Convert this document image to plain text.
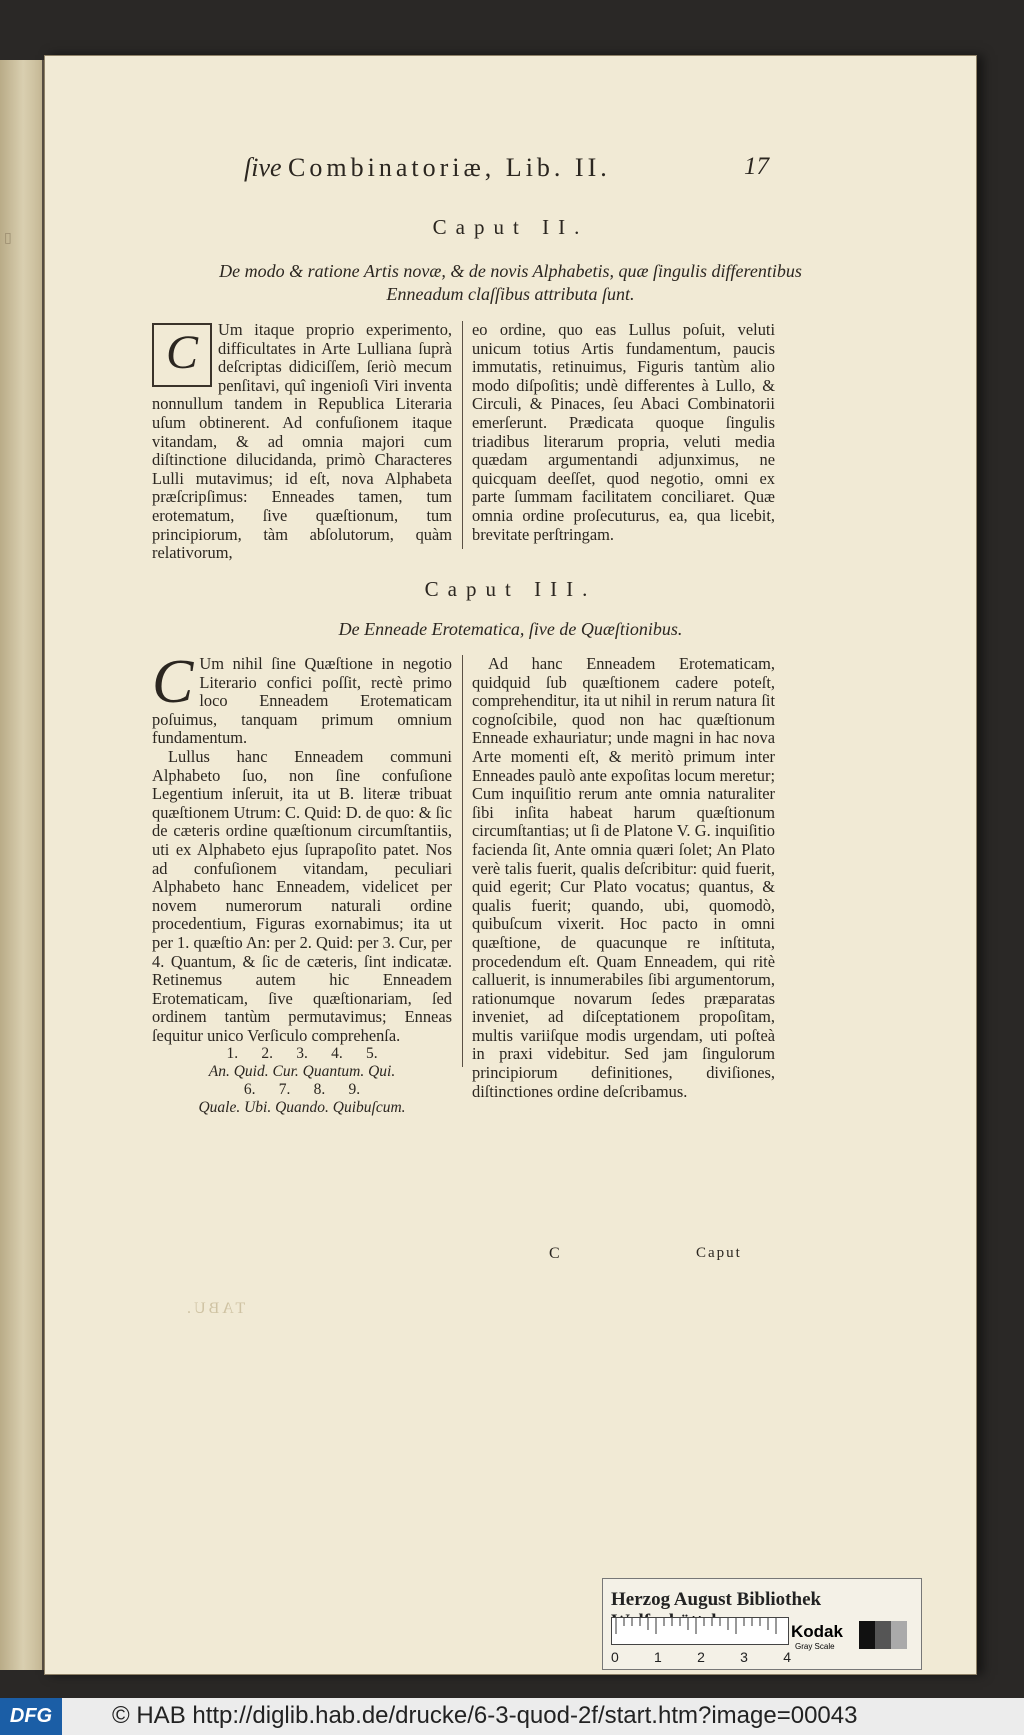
▯
ſive Combinatoriæ, Lib. II.	17
Caput II.
De modo & ratione Artis novæ, & de novis Alphabetis, quæ ſingulis differentibus
Enneadum claſſibus attributa ſunt.
C	Um itaque proprio experimento, difficultates in Arte Lulliana ſuprà deſcriptas didiciſſem, ſeriò mecum penſitavi, quî ingenioſi Viri inventa nonnullum tandem in Republica Literaria uſum obtinerent. Ad confuſionem itaque vitandam, & ad omnia majori cum diſtinctione dilucidanda, primò Characteres Lulli mutavimus; id eſt, nova Alphabeta præſcripſimus: Enneades tamen, tum erotematum, ſive quæſtionum, tum principiorum, tàm abſolutorum, quàm relativorum,

eo ordine, quo eas Lullus poſuit, veluti unicum totius Artis fundamentum, paucis immutatis, retinuimus, Figuris tantùm alio modo diſpoſitis; undè differentes à Lullo, & Circuli, & Pinaces, ſeu Abaci Combinatorii emerſerunt. Prædicata quoque ſingulis triadibus literarum propria, veluti media quædam argumentandi adjunximus, ne quicquam deeſſet, quod negotio, omni ex parte ſummam facilitatem conciliaret. Quæ omnia ordine proſecuturus, ea, qua licebit, brevitate perſtringam.

Caput III.
De Enneade Erotematica, ſive de Quæſtionibus.
C Um nihil ſine Quæſtione in negotio Literario confici poſſit, rectè primo loco Enneadem Erotematicam poſuimus, tanquam primum omnium fundamentum.

Lullus hanc Enneadem communi Alphabeto ſuo, non ſine confuſione Legentium inſeruit, ita ut B. literæ tribuat quæſtionem Utrum: C. Quid: D. de quo: & ſic de cæteris ordine quæſtionum circumſtantiis, uti ex Alphabeto ejus ſuprapoſito patet. Nos ad confuſionem vitandam, peculiari Alphabeto hanc Enneadem, videlicet per novem numerorum naturali ordine procedentium, Figuras exornabimus; ita ut per 1. quæſtio An: per 2. Quid: per 3. Cur, per 4. Quantum, & ſic de cæteris, ſint indicatæ. Retinemus autem hic Enneadem Erotematicam, ſive quæſtionariam, ſed ordinem tantùm permutavimus; Enneas ſequitur unico Verſiculo comprehenſa.

1.      2.      3.      4.      5.
An. Quid. Cur. Quantum. Qui.
6.      7.      8.      9.
Quale. Ubi. Quando. Quibuſcum.

Ad hanc Enneadem Erotematicam, quidquid ſub quæſtionem cadere poteſt, comprehenditur, ita ut nihil in rerum natura ſit cognoſcibile, quod non hac quæſtionum Enneade exhauriatur; unde magni in hac nova Arte momenti eſt, & meritò primum inter Enneades paulò ante expoſitas locum meretur; Cum inquiſitio rerum ante omnia naturaliter ſibi inſita habeat harum quæſtionum circumſtantias; ut ſi de Platone V. G. inquiſitio facienda ſit, Ante omnia quæri ſolet; An Plato verè talis fuerit, qualis deſcribitur: quid fuerit, quid egerit; Cur Plato vocatus; quantus, & qualis fuerit; quando, ubi, quomodò, quibuſcum vixerit. Hoc pacto in omni quæſtione, de quacunque re inſtituta, procedendum eſt. Quam Enneadem, qui ritè calluerit, is innumerabiles ſibi argumentorum, rationumque novarum ſedes præparatas inveniet, ad diſceptationem propoſitam, multis variiſque modis urgendam, uti poſteà in praxi videbitur. Sed jam ſingulorum principiorum definitiones, diviſiones, diſtinctiones ordine deſcribamus.

C	Caput
TABU.
Herzog August Bibliothek
0	1	2	3	4
Kodak
Gray Scale
DFG	© HAB http://diglib.hab.de/drucke/6-3-quod-2f/start.htm?image=00043
